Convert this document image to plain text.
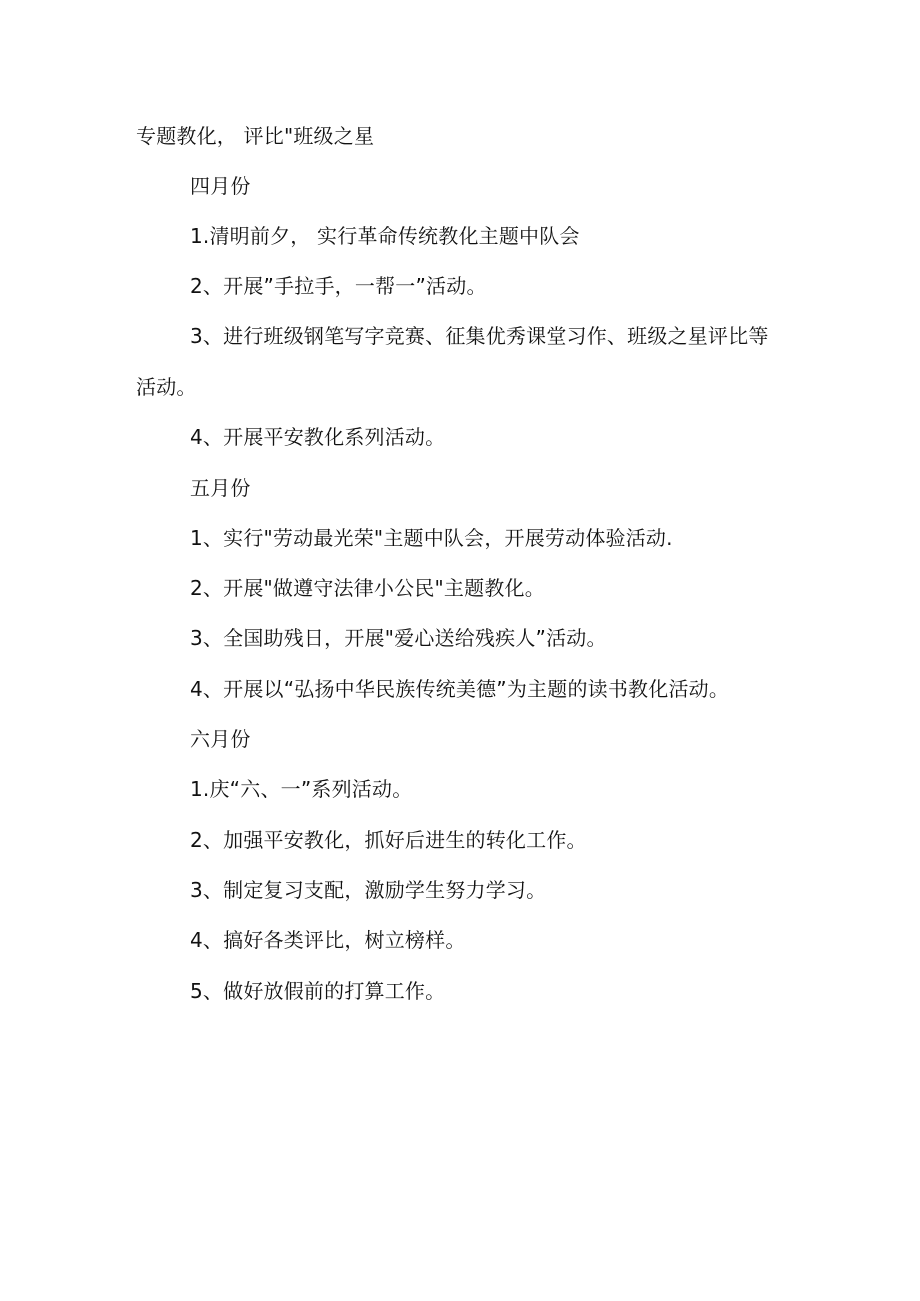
专题教化， 评比"班级之星
四月份
1.清明前夕， 实行革命传统教化主题中队会
2、开展”手拉手，一帮一”活动。
3、进行班级钢笔写字竞赛、征集优秀课堂习作、班级之星评比等
活动。
4、开展平安教化系列活动。
五月份
1、实行"劳动最光荣"主题中队会，开展劳动体验活动.
2、开展"做遵守法律小公民"主题教化。
3、全国助残日，开展"爱心送给残疾人”活动。
4、开展以“弘扬中华民族传统美德”为主题的读书教化活动。
六月份
1.庆“六、一”系列活动。
2、加强平安教化，抓好后进生的转化工作。
3、制定复习支配，激励学生努力学习。
4、搞好各类评比，树立榜样。
5、做好放假前的打算工作。
